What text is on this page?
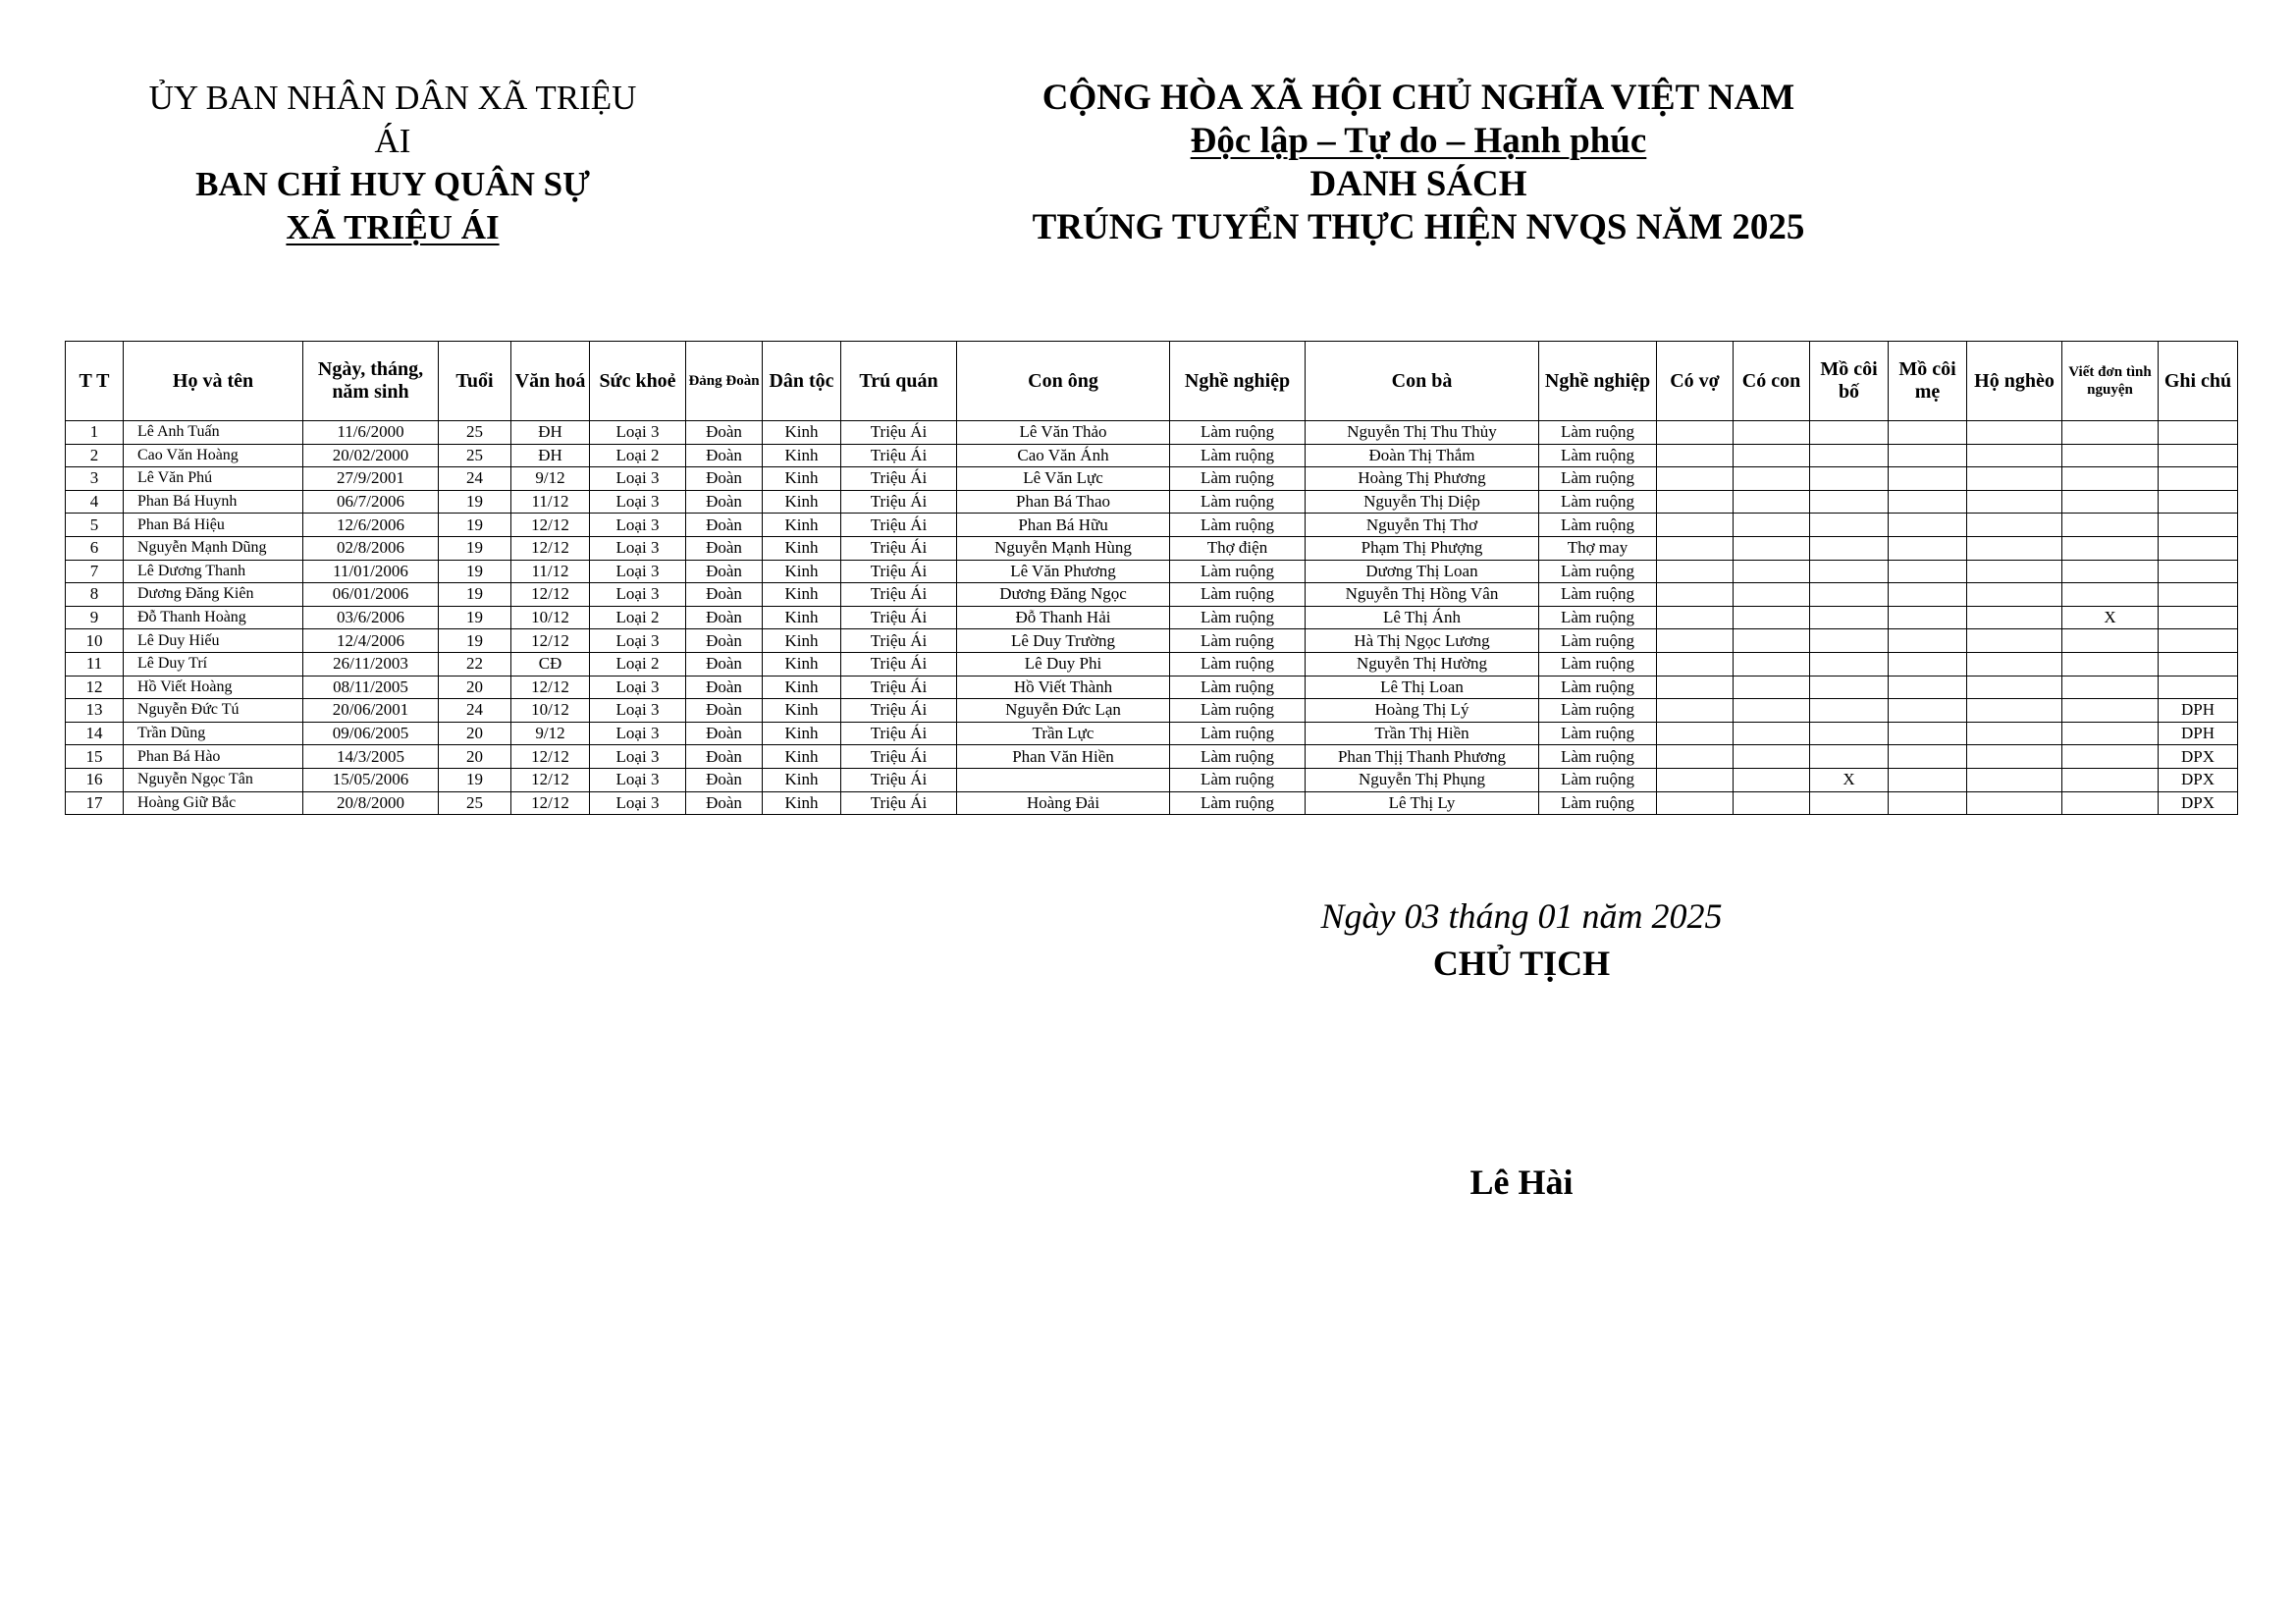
ỦY BAN NHÂN DÂN XÃ TRIỆU ÁI
BAN CHỈ HUY QUÂN SỰ
XÃ TRIỆU ÁI
CỘNG HÒA XÃ HỘI CHỦ NGHĨA VIỆT NAM
Độc lập – Tự do – Hạnh phúc
DANH SÁCH
TRÚNG TUYỂN THỰC HIỆN NVQS NĂM 2025
T T	Họ và tên	Ngày, tháng, năm sinh	Tuổi	Văn hoá	Sức khoẻ	Đảng Đoàn	Dân tộc	Trú quán	Con ông	Nghề nghiệp	Con bà	Nghề nghiệp	Có vợ	Có con	Mồ côi bố	Mồ côi mẹ	Hộ nghèo	Viết đơn tình nguyện	Ghi chú
1	Lê Anh Tuấn	11/6/2000	25	ĐH	Loại 3	Đoàn	Kinh	Triệu Ái	Lê Văn Thảo	Làm ruộng	Nguyễn Thị Thu Thủy	Làm ruộng							
2	Cao Văn Hoàng	20/02/2000	25	ĐH	Loại 2	Đoàn	Kinh	Triệu Ái	Cao Văn Ánh	Làm ruộng	Đoàn Thị Thắm	Làm ruộng							
3	Lê Văn Phú	27/9/2001	24	9/12	Loại 3	Đoàn	Kinh	Triệu Ái	Lê Văn Lực	Làm ruộng	Hoàng Thị Phương	Làm ruộng							
4	Phan Bá Huynh	06/7/2006	19	11/12	Loại 3	Đoàn	Kinh	Triệu Ái	Phan Bá Thao	Làm ruộng	Nguyễn Thị Diệp	Làm ruộng							
5	Phan Bá Hiệu	12/6/2006	19	12/12	Loại 3	Đoàn	Kinh	Triệu Ái	Phan Bá Hữu	Làm ruộng	Nguyễn Thị Thơ	Làm ruộng							
6	Nguyễn Mạnh Dũng	02/8/2006	19	12/12	Loại 3	Đoàn	Kinh	Triệu Ái	Nguyễn Mạnh Hùng	Thợ điện	Phạm Thị Phượng	Thợ may							
7	Lê Dương Thanh	11/01/2006	19	11/12	Loại 3	Đoàn	Kinh	Triệu Ái	Lê Văn Phương	Làm ruộng	Dương Thị Loan	Làm ruộng							
8	Dương Đăng Kiên	06/01/2006	19	12/12	Loại 3	Đoàn	Kinh	Triệu Ái	Dương Đăng Ngọc	Làm ruộng	Nguyễn Thị Hồng Vân	Làm ruộng							
9	Đỗ Thanh Hoàng	03/6/2006	19	10/12	Loại 2	Đoàn	Kinh	Triệu Ái	Đỗ Thanh Hải	Làm ruộng	Lê Thị Ánh	Làm ruộng						X	
10	Lê Duy Hiếu	12/4/2006	19	12/12	Loại 3	Đoàn	Kinh	Triệu Ái	Lê Duy Trường	Làm ruộng	Hà Thị Ngọc Lương	Làm ruộng							
11	Lê Duy Trí	26/11/2003	22	CĐ	Loại 2	Đoàn	Kinh	Triệu Ái	Lê Duy Phi	Làm ruộng	Nguyễn Thị Hường	Làm ruộng							
12	Hồ Viết Hoàng	08/11/2005	20	12/12	Loại 3	Đoàn	Kinh	Triệu Ái	Hồ Viết Thành	Làm ruộng	Lê Thị Loan	Làm ruộng							
13	Nguyễn Đức Tú	20/06/2001	24	10/12	Loại 3	Đoàn	Kinh	Triệu Ái	Nguyễn Đức Lạn	Làm ruộng	Hoàng Thị Lý	Làm ruộng							DPH
14	Trần Dũng	09/06/2005	20	9/12	Loại 3	Đoàn	Kinh	Triệu Ái	Trần Lực	Làm ruộng	Trần Thị Hiền	Làm ruộng							DPH
15	Phan Bá Hào	14/3/2005	20	12/12	Loại 3	Đoàn	Kinh	Triệu Ái	Phan Văn Hiền	Làm ruộng	Phan Thịị Thanh Phương	Làm ruộng							DPX
16	Nguyễn Ngọc Tân	15/05/2006	19	12/12	Loại 3	Đoàn	Kinh	Triệu Ái		Làm ruộng	Nguyễn Thị Phụng	Làm ruộng			X				DPX
17	Hoàng Giữ Bắc	20/8/2000	25	12/12	Loại 3	Đoàn	Kinh	Triệu Ái	Hoàng Đải	Làm ruộng	Lê Thị Ly	Làm ruộng							DPX
Ngày 03 tháng 01 năm 2025
CHỦ TỊCH
Lê Hài
